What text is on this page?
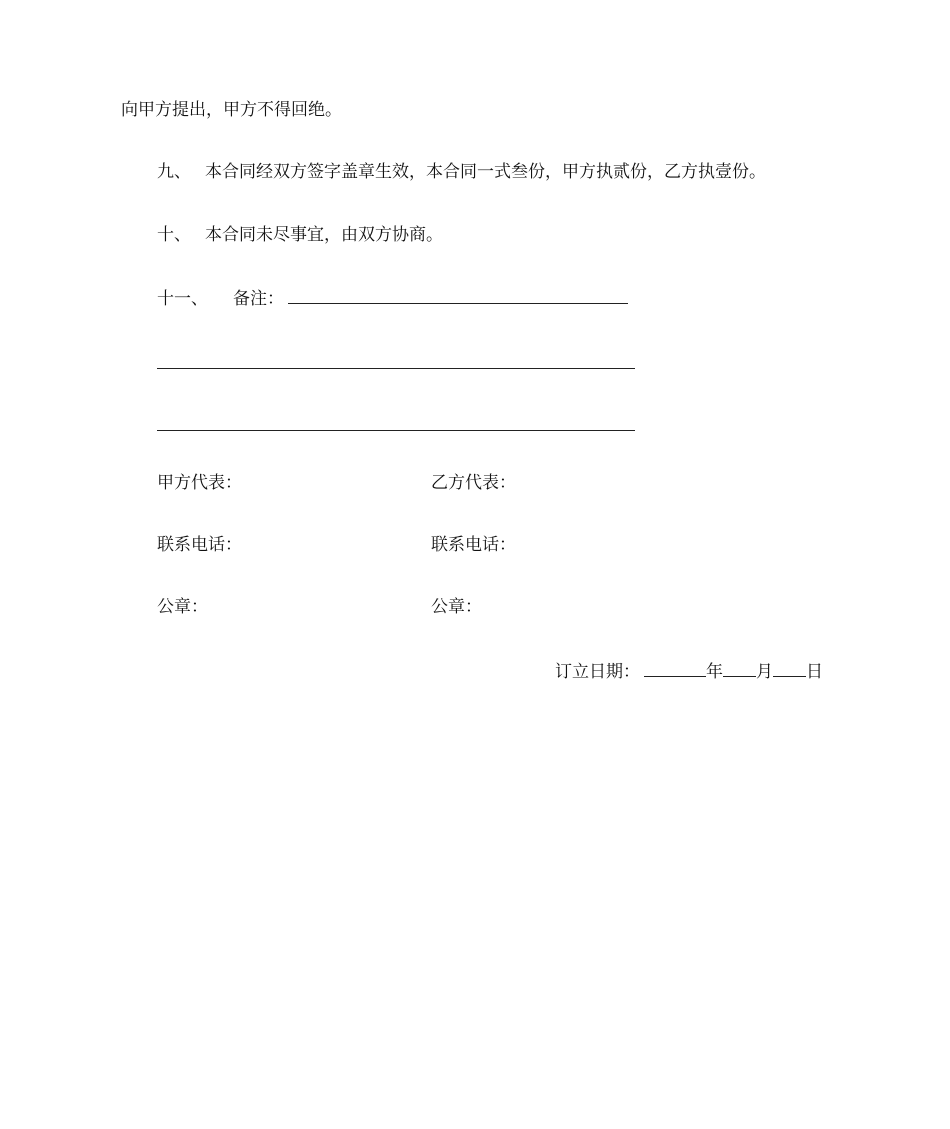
向甲方提出，甲方不得回绝。
九、 本合同经双方签字盖章生效，本合同一式叁份，甲方执贰份，乙方执壹份。
十、 本合同未尽事宜，由双方协商。
十一、 备注：
甲方代表：	乙方代表：
联系电话：	联系电话：
公章：	公章：
订立日期：	年 月 日
